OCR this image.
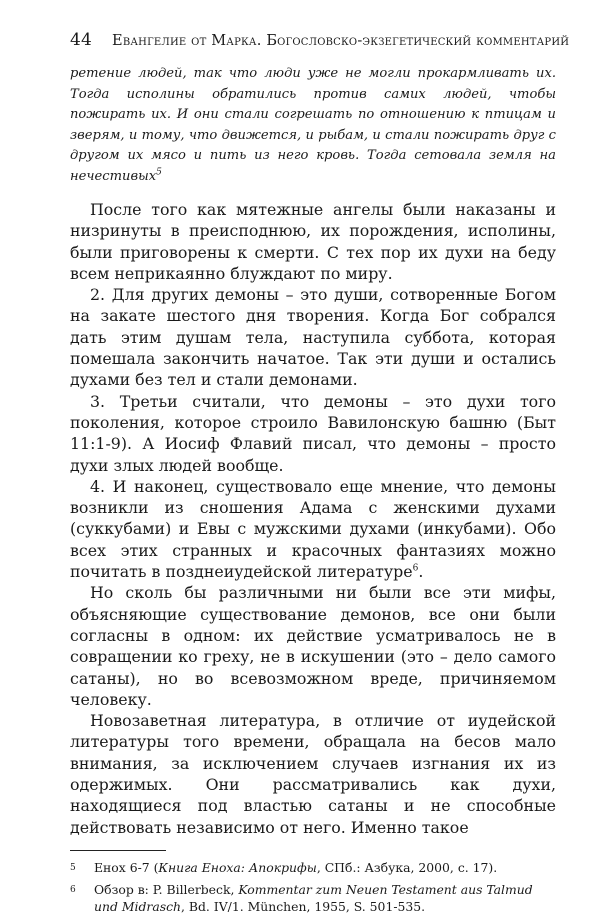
44 Евангелие от Марка. Богословско-экзегетический комментарий

ретение людей, так что люди уже не могли прокармливать их. Тогда исполины обратились против самих людей, чтобы пожирать их. И они стали согрешать по отношению к птицам и зверям, и тому, что движется, и рыбам, и стали пожирать друг с другом их мясо и пить из него кровь. Тогда сетовала земля на нечестивых$^5$

После того как мятежные ангелы были наказаны и низринуты в преисподнюю, их порождения, исполины, были приговорены к смерти. С тех пор их духи на беду всем неприкаянно блуждают по миру.

2. Для других демоны – это души, сотворенные Богом на закате шестого дня творения. Когда Бог собрался дать этим душам тела, наступила суббота, которая помешала закончить начатое. Так эти души и остались духами без тел и стали демонами.

3. Третьи считали, что демоны – это духи того поколения, которое строило Вавилонскую башню (Быт 11:1-9). А Иосиф Флавий писал, что демоны – просто духи злых людей вообще.

4. И наконец, существовало еще мнение, что демоны возникли из сношения Адама с женскими духами (суккубами) и Евы с мужскими духами (инкубами). Обо всех этих странных и красочных фантазиях можно почитать в позднеиудейской литературе$^6$.

Но сколь бы различными ни были все эти мифы, объясняющие существование демонов, все они были согласны в одном: их действие усматривалось не в совращении ко греху, не в искушении (это – дело самого сатаны), но во всевозможном вреде, причиняемом человеку.

Новозаветная литература, в отличие от иудейской литературы того времени, обращала на бесов мало внимания, за исключением случаев изгнания их из одержимых. Они рассматривались как духи, находящиеся под властью сатаны и не способные действовать независимо от него. Именно такое

5	Енох 6-7 (Книга Еноха: Апокрифы, СПб.: Азбука, 2000, с. 17).
6	Обзор в: P. Billerbeck, Kommentar zum Neuen Testament aus Talmud und Midrasch, Bd. IV/1. München, 1955, S. 501-535.
